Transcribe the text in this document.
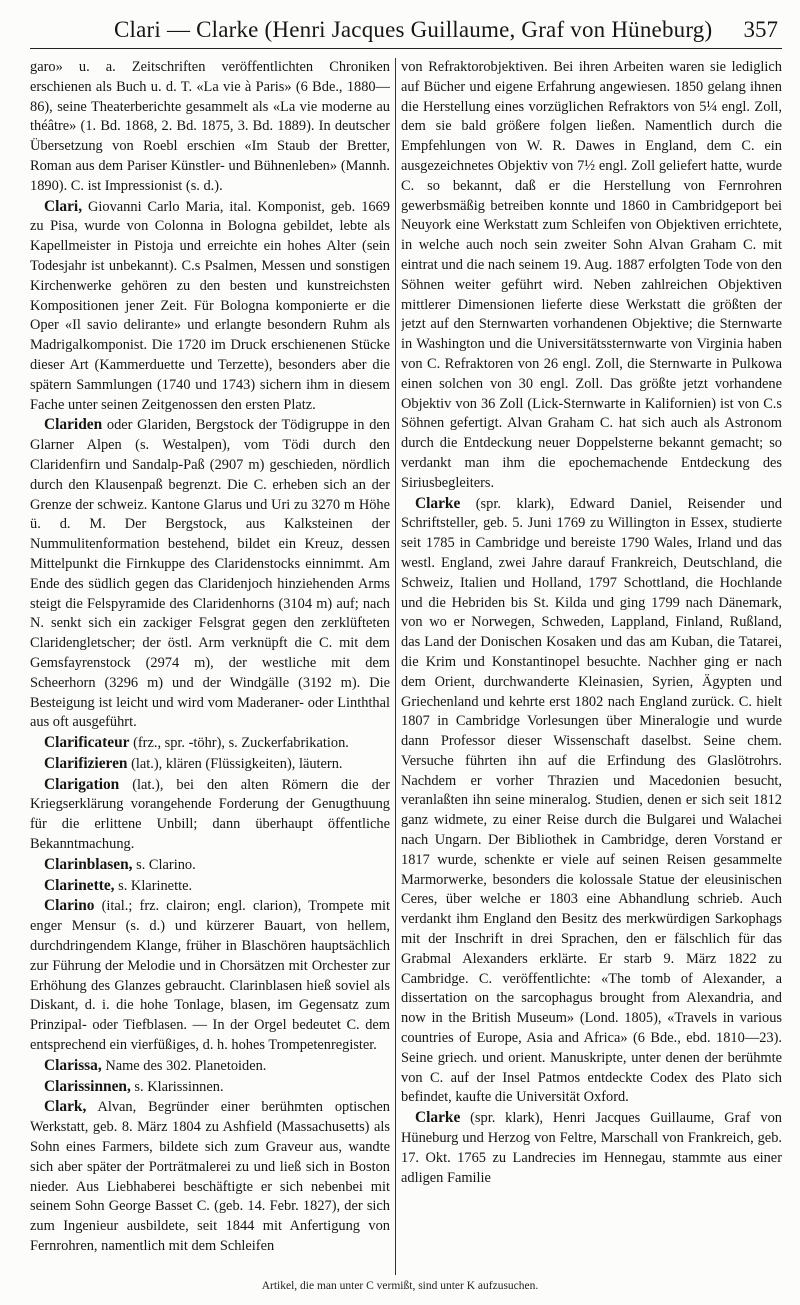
Clari — Clarke (Henri Jacques Guillaume, Graf von Hüneburg) 357

garo» u. a. Zeitschriften veröffentlichten Chroniken erschienen als Buch u. d. T. «La vie à Paris» (6 Bde., 1880—86), seine Theaterberichte gesammelt als «La vie moderne au théâtre» (1. Bd. 1868, 2. Bd. 1875, 3. Bd. 1889). In deutscher Übersetzung von Roebl erschien «Im Staub der Bretter, Roman aus dem Pariser Künstler- und Bühnenleben» (Mannh. 1890). C. ist Impressionist (s. d.).

Clari, Giovanni Carlo Maria, ital. Komponist, geb. 1669 zu Pisa, wurde von Colonna in Bologna gebildet, lebte als Kapellmeister in Pistoja und erreichte ein hohes Alter (sein Todesjahr ist unbekannt). C.s Psalmen, Messen und sonstigen Kirchenwerke gehören zu den besten und kunstreichsten Kompositionen jener Zeit. Für Bologna komponierte er die Oper «Il savio delirante» und erlangte besondern Ruhm als Madrigalkomponist. Die 1720 im Druck erschienenen Stücke dieser Art (Kammerduette und Terzette), besonders aber die spätern Sammlungen (1740 und 1743) sichern ihm in diesem Fache unter seinen Zeitgenossen den ersten Platz.

Clariden oder Glariden, Bergstock der Tödigruppe in den Glarner Alpen (s. Westalpen), vom Tödi durch den Claridenfirn und Sandalp-Paß (2907 m) geschieden, nördlich durch den Klausenpaß begrenzt. Die C. erheben sich an der Grenze der schweiz. Kantone Glarus und Uri zu 3270 m Höhe ü. d. M. Der Bergstock, aus Kalksteinen der Nummulitenformation bestehend, bildet ein Kreuz, dessen Mittelpunkt die Firnkuppe des Claridenstocks einnimmt. Am Ende des südlich gegen das Claridenjoch hinziehenden Arms steigt die Felspyramide des Claridenhorns (3104 m) auf; nach N. senkt sich ein zackiger Felsgrat gegen den zerklüfteten Claridengletscher; der östl. Arm verknüpft die C. mit dem Gemsfayrenstock (2974 m), der westliche mit dem Scheerhorn (3296 m) und der Windgälle (3192 m). Die Besteigung ist leicht und wird vom Maderaner- oder Linththal aus oft ausgeführt.

Clarificateur (frz., spr. -töhr), s. Zuckerfabrikation.

Clarifizieren (lat.), klären (Flüssigkeiten), läutern.

Clarigation (lat.), bei den alten Römern die der Kriegserklärung vorangehende Forderung der Genugthuung für die erlittene Unbill; dann überhaupt öffentliche Bekanntmachung.

Clarinblasen, s. Clarino.

Clarinette, s. Klarinette.

Clarino (ital.; frz. clairon; engl. clarion), Trompete mit enger Mensur (s. d.) und kürzerer Bauart, von hellem, durchdringendem Klange, früher in Blaschören hauptsächlich zur Führung der Melodie und in Chorsätzen mit Orchester zur Erhöhung des Glanzes gebraucht. Clarinblasen hieß soviel als Diskant, d. i. die hohe Tonlage, blasen, im Gegensatz zum Prinzipal- oder Tiefblasen. — In der Orgel bedeutet C. dem entsprechend ein vierfüßiges, d. h. hohes Trompetenregister.

Clarissa, Name des 302. Planetoiden.

Clarissinnen, s. Klarissinnen.

Clark, Alvan, Begründer einer berühmten optischen Werkstatt, geb. 8. März 1804 zu Ashfield (Massachusetts) als Sohn eines Farmers, bildete sich zum Graveur aus, wandte sich aber später der Porträtmalerei zu und ließ sich in Boston nieder. Aus Liebhaberei beschäftigte er sich nebenbei mit seinem Sohn George Basset C. (geb. 14. Febr. 1827), der sich zum Ingenieur ausbildete, seit 1844 mit Anfertigung von Fernrohren, namentlich mit dem Schleifen

von Refraktorobjektiven. Bei ihren Arbeiten waren sie lediglich auf Bücher und eigene Erfahrung angewiesen. 1850 gelang ihnen die Herstellung eines vorzüglichen Refraktors von 5¼ engl. Zoll, dem sie bald größere folgen ließen. Namentlich durch die Empfehlungen von W. R. Dawes in England, dem C. ein ausgezeichnetes Objektiv von 7½ engl. Zoll geliefert hatte, wurde C. so bekannt, daß er die Herstellung von Fernrohren gewerbsmäßig betreiben konnte und 1860 in Cambridgeport bei Neuyork eine Werkstatt zum Schleifen von Objektiven errichtete, in welche auch noch sein zweiter Sohn Alvan Graham C. mit eintrat und die nach seinem 19. Aug. 1887 erfolgten Tode von den Söhnen weiter geführt wird. Neben zahlreichen Objektiven mittlerer Dimensionen lieferte diese Werkstatt die größten der jetzt auf den Sternwarten vorhandenen Objektive; die Sternwarte in Washington und die Universitätssternwarte von Virginia haben von C. Refraktoren von 26 engl. Zoll, die Sternwarte in Pulkowa einen solchen von 30 engl. Zoll. Das größte jetzt vorhandene Objektiv von 36 Zoll (Lick-Sternwarte in Kalifornien) ist von C.s Söhnen gefertigt. Alvan Graham C. hat sich auch als Astronom durch die Entdeckung neuer Doppelsterne bekannt gemacht; so verdankt man ihm die epochemachende Entdeckung des Siriusbegleiters.

Clarke (spr. klark), Edward Daniel, Reisender und Schriftsteller, geb. 5. Juni 1769 zu Willington in Essex, studierte seit 1785 in Cambridge und bereiste 1790 Wales, Irland und das westl. England, zwei Jahre darauf Frankreich, Deutschland, die Schweiz, Italien und Holland, 1797 Schottland, die Hochlande und die Hebriden bis St. Kilda und ging 1799 nach Dänemark, von wo er Norwegen, Schweden, Lappland, Finland, Rußland, das Land der Donischen Kosaken und das am Kuban, die Tatarei, die Krim und Konstantinopel besuchte. Nachher ging er nach dem Orient, durchwanderte Kleinasien, Syrien, Ägypten und Griechenland und kehrte erst 1802 nach England zurück. C. hielt 1807 in Cambridge Vorlesungen über Mineralogie und wurde dann Professor dieser Wissenschaft daselbst. Seine chem. Versuche führten ihn auf die Erfindung des Glaslötrohrs. Nachdem er vorher Thrazien und Macedonien besucht, veranlaßten ihn seine mineralog. Studien, denen er sich seit 1812 ganz widmete, zu einer Reise durch die Bulgarei und Walachei nach Ungarn. Der Bibliothek in Cambridge, deren Vorstand er 1817 wurde, schenkte er viele auf seinen Reisen gesammelte Marmorwerke, besonders die kolossale Statue der eleusinischen Ceres, über welche er 1803 eine Abhandlung schrieb. Auch verdankt ihm England den Besitz des merkwürdigen Sarkophags mit der Inschrift in drei Sprachen, den er fälschlich für das Grabmal Alexanders erklärte. Er starb 9. März 1822 zu Cambridge. C. veröffentlichte: «The tomb of Alexander, a dissertation on the sarcophagus brought from Alexandria, and now in the British Museum» (Lond. 1805), «Travels in various countries of Europe, Asia and Africa» (6 Bde., ebd. 1810—23). Seine griech. und orient. Manuskripte, unter denen der berühmte von C. auf der Insel Patmos entdeckte Codex des Plato sich befindet, kaufte die Universität Oxford.

Clarke (spr. klark), Henri Jacques Guillaume, Graf von Hüneburg und Herzog von Feltre, Marschall von Frankreich, geb. 17. Okt. 1765 zu Landrecies im Hennegau, stammte aus einer adligen Familie

Artikel, die man unter C vermißt, sind unter K aufzusuchen.
